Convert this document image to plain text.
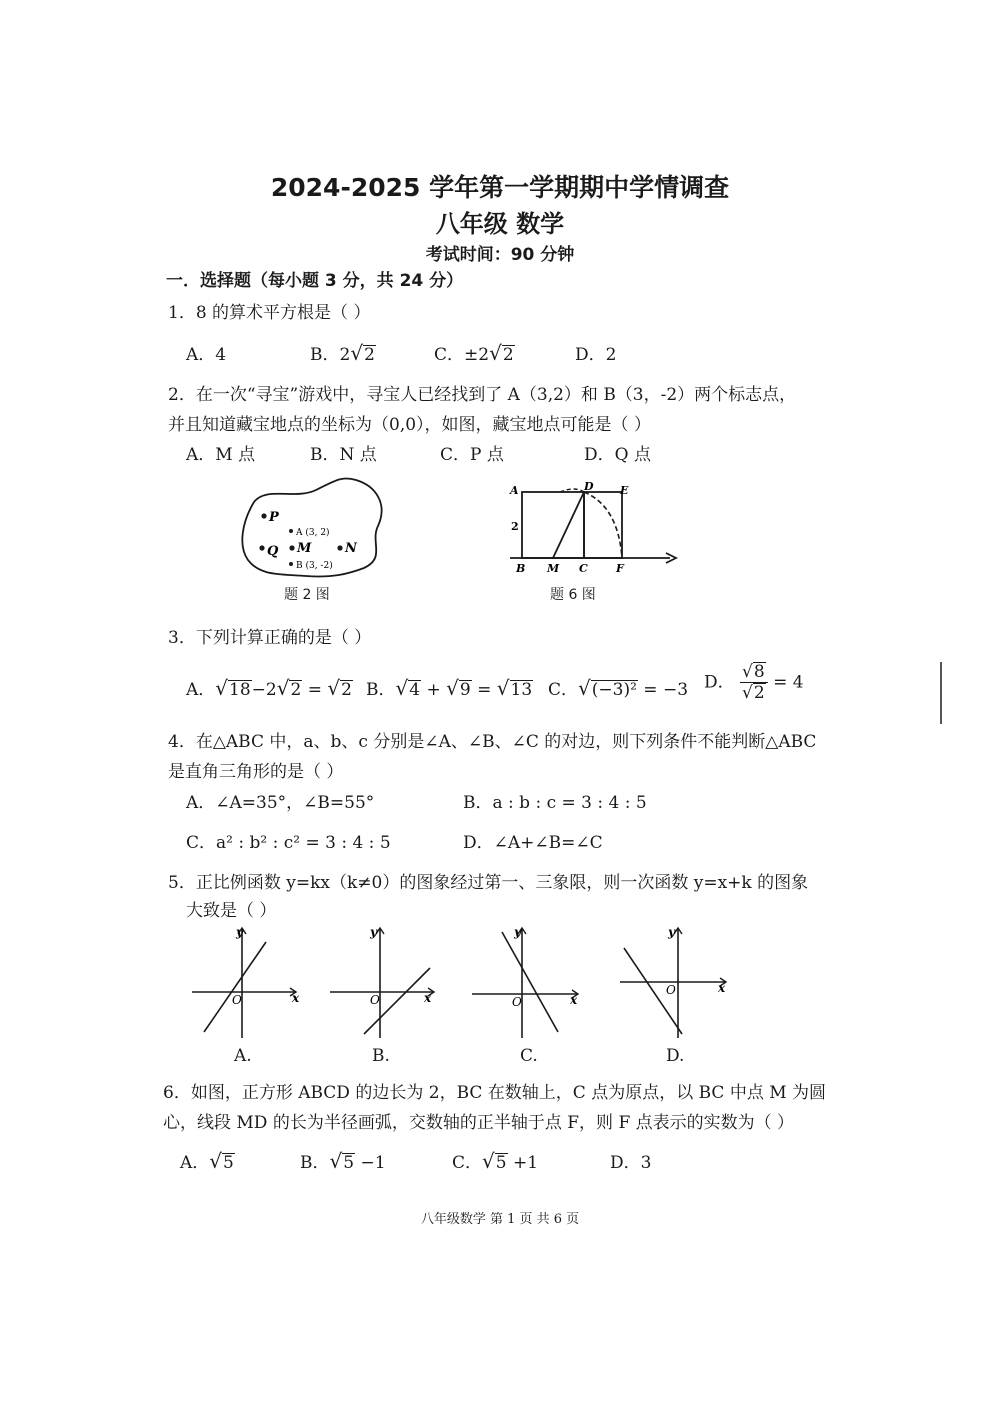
2024-2025 学年第一学期期中学情调查
八年级 数学
考试时间：90 分钟
一．选择题（每小题 3 分，共 24 分）
1．8 的算术平方根是（ ）
A．4	B．2√2	C．±2√2	D．2
2．在一次“寻宝”游戏中，寻宝人已经找到了 A（3,2）和 B（3，-2）两个标志点，
并且知道藏宝地点的坐标为（0,0），如图，藏宝地点可能是（ ）
A．M 点	B．N 点	C．P 点	D．Q 点
P
A (3, 2)
Q M	N
B (3, -2)
题 2 图
A	D E
2
B M C	F
题 6 图
3．下列计算正确的是（ ）
A．√18−2√2 = √2 B．√4 + √9 = √13 C．√(−3)² = −3 D． $\frac{√8}{√2} = 4$
4．在△ABC 中，a、b、c 分别是∠A、∠B、∠C 的对边，则下列条件不能判断△ABC
是直角三角形的是（ ）
A．∠A=35°，∠B=55°	B．a : b : c = 3 : 4 : 5
C．a² : b² : c² = 3 : 4 : 5	D．∠A+∠B=∠C
5．正比例函数 y=kx（k≠0）的图象经过第一、三象限，则一次函数 y=x+k 的图象
大致是（ ）
y
x
O
A.
y
x
O
B.
y
x
O
C.
y
x
O
D.
6．如图，正方形 ABCD 的边长为 2，BC 在数轴上，C 点为原点，以 BC 中点 M 为圆
心，线段 MD 的长为半径画弧，交数轴的正半轴于点 F，则 F 点表示的实数为（ ）
A．√5	B．√5 −1	C．√5 +1	D．3
八年级数学 第 1 页 共 6 页
